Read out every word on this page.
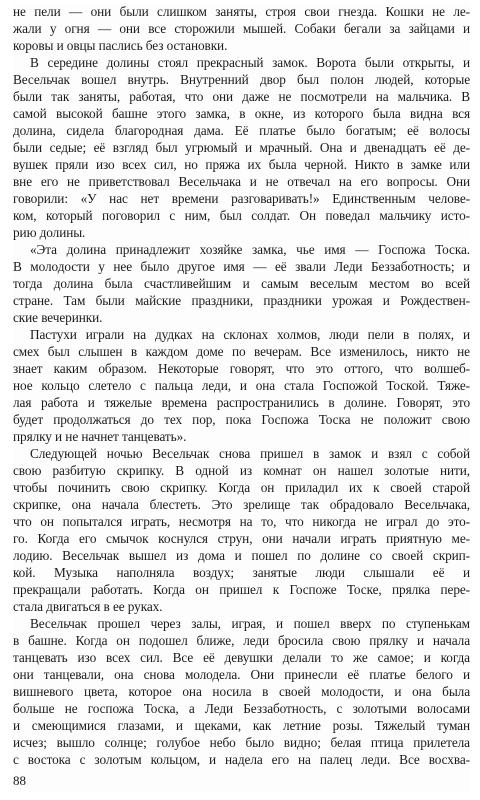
не пели — они были слишком заняты, строя свои гнезда. Кошки не ле-
жали у огня — они все сторожили мышей. Собаки бегали за зайцами и
коровы и овцы паслись без остановки.
В середине долины стоял прекрасный замок. Ворота были открыты, и
Весельчак вошел внутрь. Внутренний двор был полон людей, которые
были так заняты, работая, что они даже не посмотрели на мальчика. В
самой высокой башне этого замка, в окне, из которого была видна вся
долина, сидела благородная дама. Её платье было богатым; её волосы
были седые; её взгляд был угрюмый и мрачный. Она и двенадцать её де-
вушек пряли изо всех сил, но пряжа их была черной. Никто в замке или
вне его не приветствовал Весельчака и не отвечал на его вопросы. Они
говорили: «У нас нет времени разговаривать!» Единственным челове-
ком, который поговорил с ним, был солдат. Он поведал мальчику исто-
рию долины.
«Эта долина принадлежит хозяйке замка, чье имя — Госпожа Тоска.
В молодости у нее было другое имя — её звали Леди Беззаботность; и
тогда долина была счастливейшим и самым веселым местом во всей
стране. Там были майские праздники, праздники урожая и Рождествен-
ские вечеринки.
Пастухи играли на дудках на склонах холмов, люди пели в полях, и
смех был слышен в каждом доме по вечерам. Все изменилось, никто не
знает каким образом. Некоторые говорят, что это оттого, что волшеб-
ное кольцо слетело с пальца леди, и она стала Госпожой Тоской. Тяже-
лая работа и тяжелые времена распространились в долине. Говорят, это
будет продолжаться до тех пор, пока Госпожа Тоска не положит свою
прялку и не начнет танцевать».
Следующей ночью Весельчак снова пришел в замок и взял с собой
свою разбитую скрипку. В одной из комнат он нашел золотые нити,
чтобы починить свою скрипку. Когда он приладил их к своей старой
скрипке, она начала блестеть. Это зрелище так обрадовало Весельчака,
что он попытался играть, несмотря на то, что никогда не играл до это-
го. Когда его смычок коснулся струн, они начали играть приятную ме-
лодию. Весельчак вышел из дома и пошел по долине со своей скрип-
кой. Музыка наполняла воздух; занятые люди слышали её и
прекращали работать. Когда он пришел к Госпоже Тоске, прялка пере-
стала двигаться в ее руках.
Весельчак прошел через залы, играя, и пошел вверх по ступенькам
в башне. Когда он подошел ближе, леди бросила свою прялку и начала
танцевать изо всех сил. Все её девушки делали то же самое; и когда
они танцевали, она снова молодела. Они принесли её платье белого и
вишневого цвета, которое она носила в своей молодости, и она была
больше не госпожа Тоска, а Леди Беззаботность, с золотыми волосами
и смеющимися глазами, и щеками, как летние розы. Тяжелый туман
исчез; вышло солнце; голубое небо было видно; белая птица прилетела
с востока с золотым кольцом, и надела его на палец леди. Все восхва-
88
